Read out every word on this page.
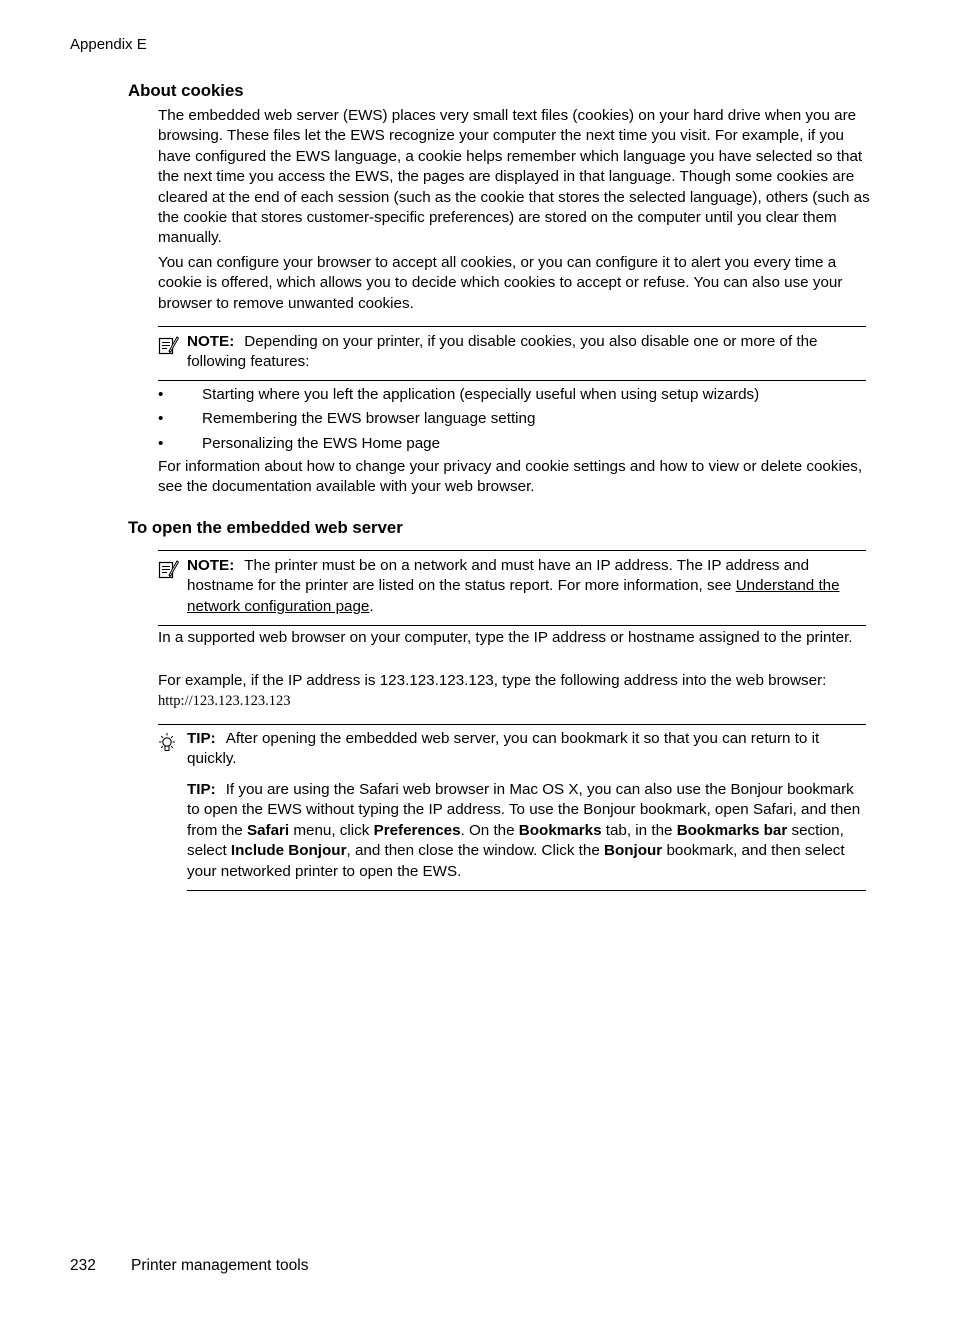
Appendix E
About cookies

The embedded web server (EWS) places very small text files (cookies) on your hard drive when you are browsing. These files let the EWS recognize your computer the next time you visit. For example, if you have configured the EWS language, a cookie helps remember which language you have selected so that the next time you access the EWS, the pages are displayed in that language. Though some cookies are cleared at the end of each session (such as the cookie that stores the selected language), others (such as the cookie that stores customer-specific preferences) are stored on the computer until you clear them manually.

You can configure your browser to accept all cookies, or you can configure it to alert you every time a cookie is offered, which allows you to decide which cookies to accept or refuse. You can also use your browser to remove unwanted cookies.

NOTE: Depending on your printer, if you disable cookies, you also disable one or more of the following features:

•	Starting where you left the application (especially useful when using setup wizards)
•	Remembering the EWS browser language setting
•	Personalizing the EWS Home page

For information about how to change your privacy and cookie settings and how to view or delete cookies, see the documentation available with your web browser.

To open the embedded web server

NOTE: The printer must be on a network and must have an IP address. The IP address and hostname for the printer are listed on the status report. For more information, see Understand the network configuration page.

In a supported web browser on your computer, type the IP address or hostname assigned to the printer.

For example, if the IP address is 123.123.123.123, type the following address into the web browser: http://123.123.123.123

TIP: After opening the embedded web server, you can bookmark it so that you can return to it quickly.

TIP: If you are using the Safari web browser in Mac OS X, you can also use the Bonjour bookmark to open the EWS without typing the IP address. To use the Bonjour bookmark, open Safari, and then from the Safari menu, click Preferences. On the Bookmarks tab, in the Bookmarks bar section, select Include Bonjour, and then close the window. Click the Bonjour bookmark, and then select your networked printer to open the EWS.

232 Printer management tools
